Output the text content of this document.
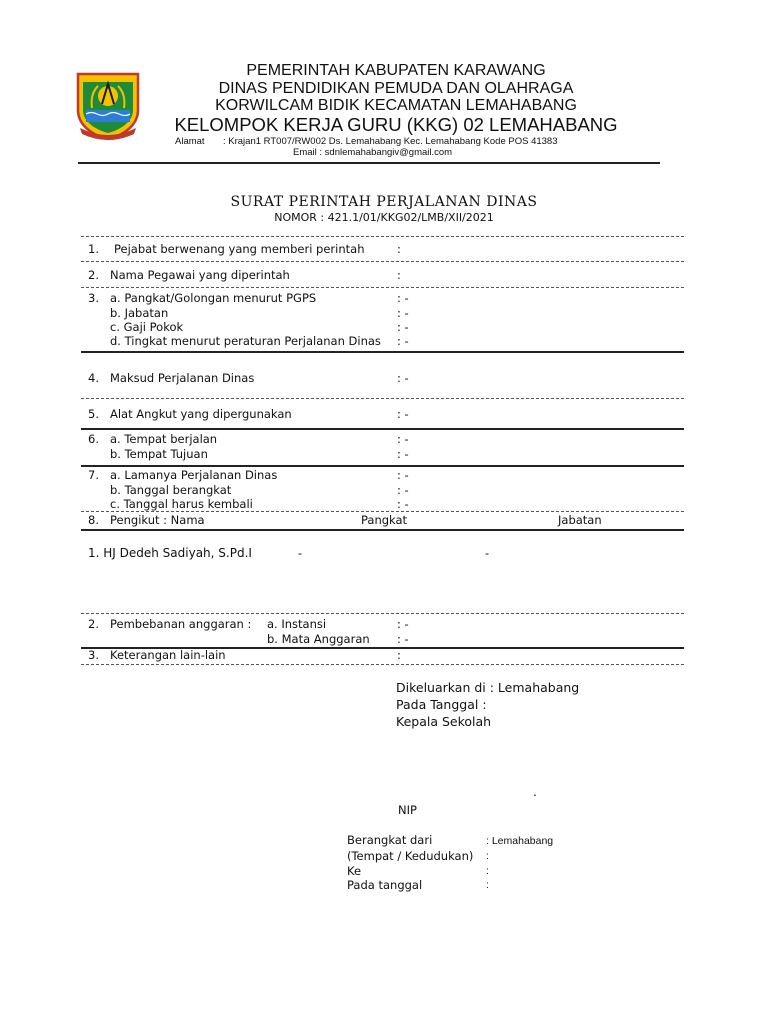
PEMERINTAH KABUPATEN KARAWANG
DINAS PENDIDIKAN PEMUDA DAN OLAHRAGA
KORWILCAM BIDIK KECAMATAN LEMAHABANG
KELOMPOK KERJA GURU (KKG) 02 LEMAHABANG
Alamat : Krajan1 RT007/RW002 Ds. Lemahabang Kec. Lemahabang Kode POS 41383
Email : sdnlemahabangiv@gmail.com
SURAT PERINTAH PERJALANAN DINAS
NOMOR : 421.1/01/KKG02/LMB/XII/2021
1. Pejabat berwenang yang memberi perintah	:
2. Nama Pegawai yang diperintah	:
3. a. Pangkat/Golongan menurut PGPS	: -
b. Jabatan	: -
c. Gaji Pokok	: -
d. Tingkat menurut peraturan Perjalanan Dinas : -
4. Maksud Perjalanan Dinas	: -
5. Alat Angkut yang dipergunakan	: -
6. a. Tempat berjalan	: -
b. Tempat Tujuan	: -
7. a. Lamanya Perjalanan Dinas	: -
b. Tanggal berangkat	: -
c. Tanggal harus kembali	: -
8. Pengikut : Nama	Pangkat	Jabatan
1. HJ Dedeh Sadiyah, S.Pd.I	-	-
2. Pembebanan anggaran : a. Instansi	: -
b. Mata Anggaran : -
3. Keterangan lain-lain	:
Dikeluarkan di : Lemahabang
Pada Tanggal :
Kepala Sekolah
.
NIP
Berangkat dari	: Lemahabang
(Tempat / Kedudukan) :
Ke	:
Pada tanggal	:
